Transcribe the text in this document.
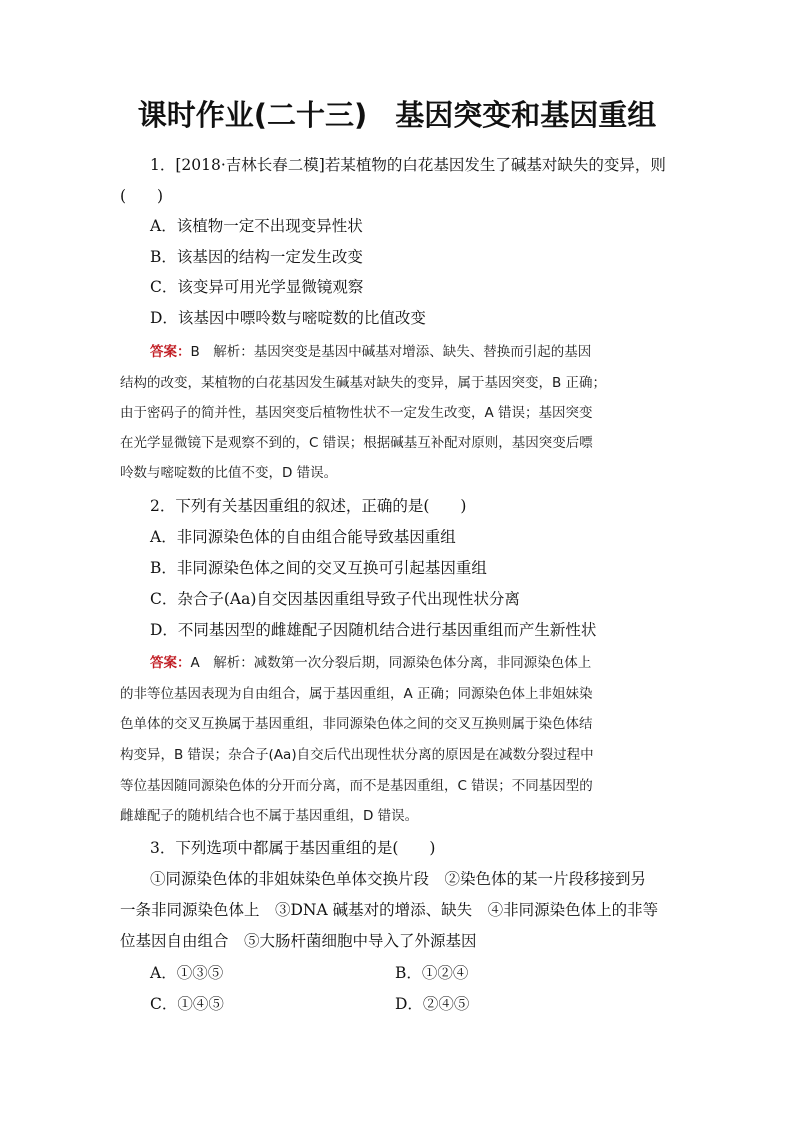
课时作业(二十三) 基因突变和基因重组
1．[2018·吉林长春二模]若某植物的白花基因发生了碱基对缺失的变异，则
(　　)
A．该植物一定不出现变异性状
B．该基因的结构一定发生改变
C．该变异可用光学显微镜观察
D．该基因中嘌呤数与嘧啶数的比值改变
答案：B　解析：基因突变是基因中碱基对增添、缺失、替换而引起的基因
结构的改变，某植物的白花基因发生碱基对缺失的变异，属于基因突变，B 正确；
由于密码子的简并性，基因突变后植物性状不一定发生改变，A 错误；基因突变
在光学显微镜下是观察不到的，C 错误；根据碱基互补配对原则，基因突变后嘌
呤数与嘧啶数的比值不变，D 错误。
2．下列有关基因重组的叙述，正确的是(　　)
A．非同源染色体的自由组合能导致基因重组
B．非同源染色体之间的交叉互换可引起基因重组
C．杂合子(Aa)自交因基因重组导致子代出现性状分离
D．不同基因型的雌雄配子因随机结合进行基因重组而产生新性状
答案：A　解析：减数第一次分裂后期，同源染色体分离，非同源染色体上
的非等位基因表现为自由组合，属于基因重组，A 正确；同源染色体上非姐妹染
色单体的交叉互换属于基因重组，非同源染色体之间的交叉互换则属于染色体结
构变异，B 错误；杂合子(Aa)自交后代出现性状分离的原因是在减数分裂过程中
等位基因随同源染色体的分开而分离，而不是基因重组，C 错误；不同基因型的
雌雄配子的随机结合也不属于基因重组，D 错误。
3．下列选项中都属于基因重组的是(　　)
①同源染色体的非姐妹染色单体交换片段　②染色体的某一片段移接到另
一条非同源染色体上　③DNA 碱基对的增添、缺失　④非同源染色体上的非等
位基因自由组合　⑤大肠杆菌细胞中导入了外源基因
A．①③⑤	B．①②④
C．①④⑤	D．②④⑤
